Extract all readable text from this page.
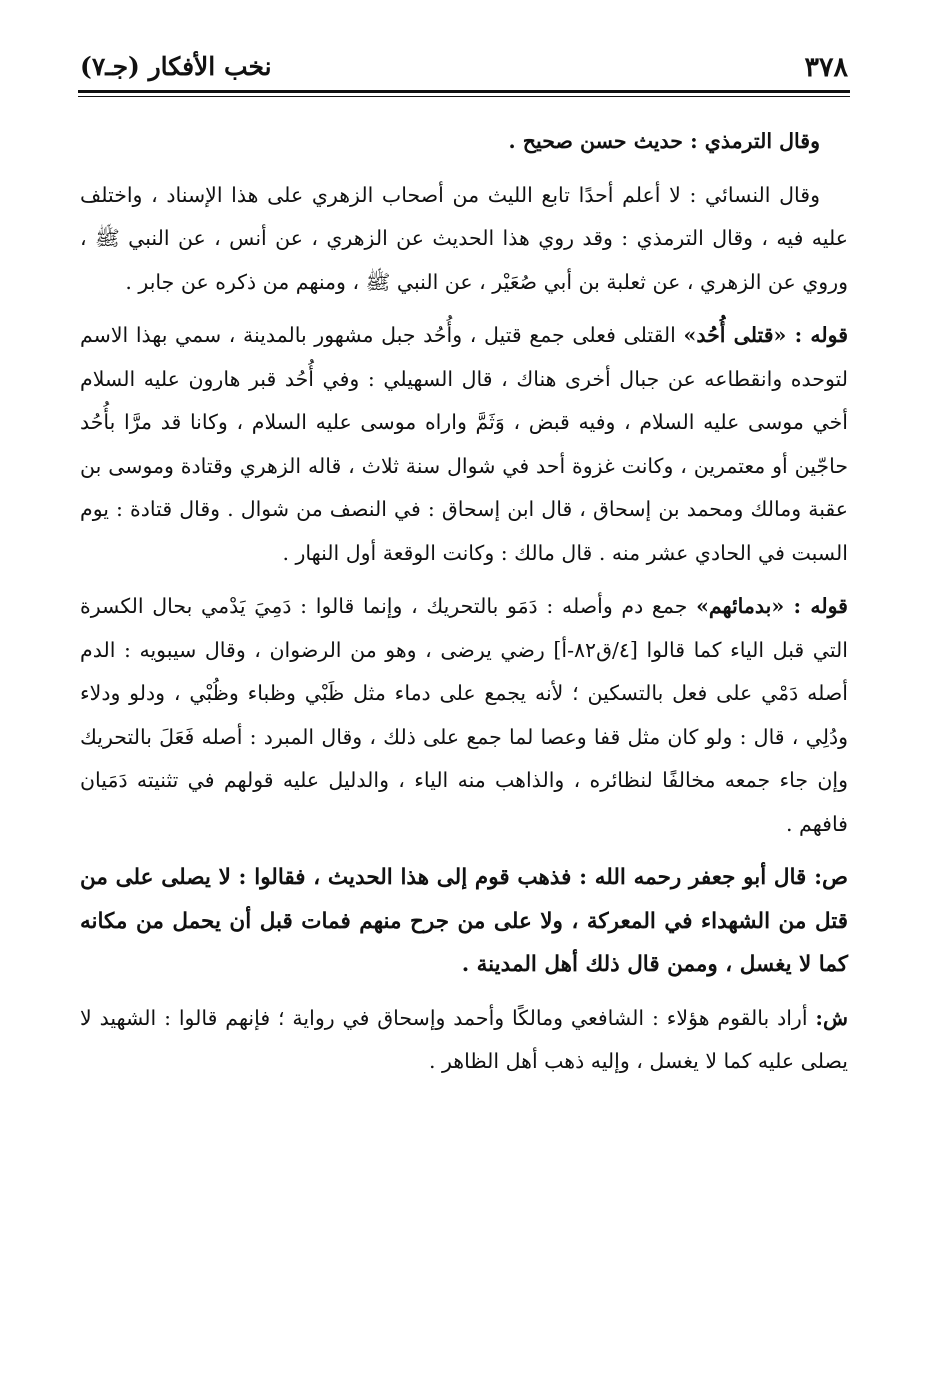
٣٧٨
نخب الأفكار (جـ٧)

وقال الترمذي : حديث حسن صحيح .

وقال النسائي : لا أعلم أحدًا تابع الليث من أصحاب الزهري على هذا الإسناد ، واختلف عليه فيه ، وقال الترمذي : وقد روي هذا الحديث عن الزهري ، عن أنس ، عن النبي ﷺ ، وروي عن الزهري ، عن ثعلبة بن أبي صُعَيْر ، عن النبي ﷺ ، ومنهم من ذكره عن جابر .

قوله : «قتلى أُحُد» القتلى فعلى جمع قتيل ، وأُحُد جبل مشهور بالمدينة ، سمي بهذا الاسم لتوحده وانقطاعه عن جبال أخرى هناك ، قال السهيلي : وفي أُحُد قبر هارون عليه السلام أخي موسى عليه السلام ، وفيه قبض ، وَثَمَّ واراه موسى عليه السلام ، وكانا قد مرَّا بأُحُد حاجّين أو معتمرين ، وكانت غزوة أحد في شوال سنة ثلاث ، قاله الزهري وقتادة وموسى بن عقبة ومالك ومحمد بن إسحاق ، قال ابن إسحاق : في النصف من شوال . وقال قتادة : يوم السبت في الحادي عشر منه . قال مالك : وكانت الوقعة أول النهار .

قوله : «بدمائهم» جمع دم وأصله : دَمَو بالتحريك ، وإنما قالوا : دَمِيَ يَدْمي بحال الكسرة التي قبل الياء كما قالوا [٤/ق٨٢-أ] رضي يرضى ، وهو من الرضوان ، وقال سيبويه : الدم أصله دَمْي على فعل بالتسكين ؛ لأنه يجمع على دماء مثل ظَبْي وظباء وظُبْي ، ودلو ودلاء ودُلِي ، قال : ولو كان مثل قفا وعصا لما جمع على ذلك ، وقال المبرد : أصله فَعَلَ بالتحريك وإن جاء جمعه مخالفًا لنظائره ، والذاهب منه الياء ، والدليل عليه قولهم في تثنيته دَمَيان فافهم .

ص: قال أبو جعفر رحمه الله : فذهب قوم إلى هذا الحديث ، فقالوا : لا يصلى على من قتل من الشهداء في المعركة ، ولا على من جرح منهم فمات قبل أن يحمل من مكانه كما لا يغسل ، وممن قال ذلك أهل المدينة .

ش: أراد بالقوم هؤلاء : الشافعي ومالكًا وأحمد وإسحاق في رواية ؛ فإنهم قالوا : الشهيد لا يصلى عليه كما لا يغسل ، وإليه ذهب أهل الظاهر .
